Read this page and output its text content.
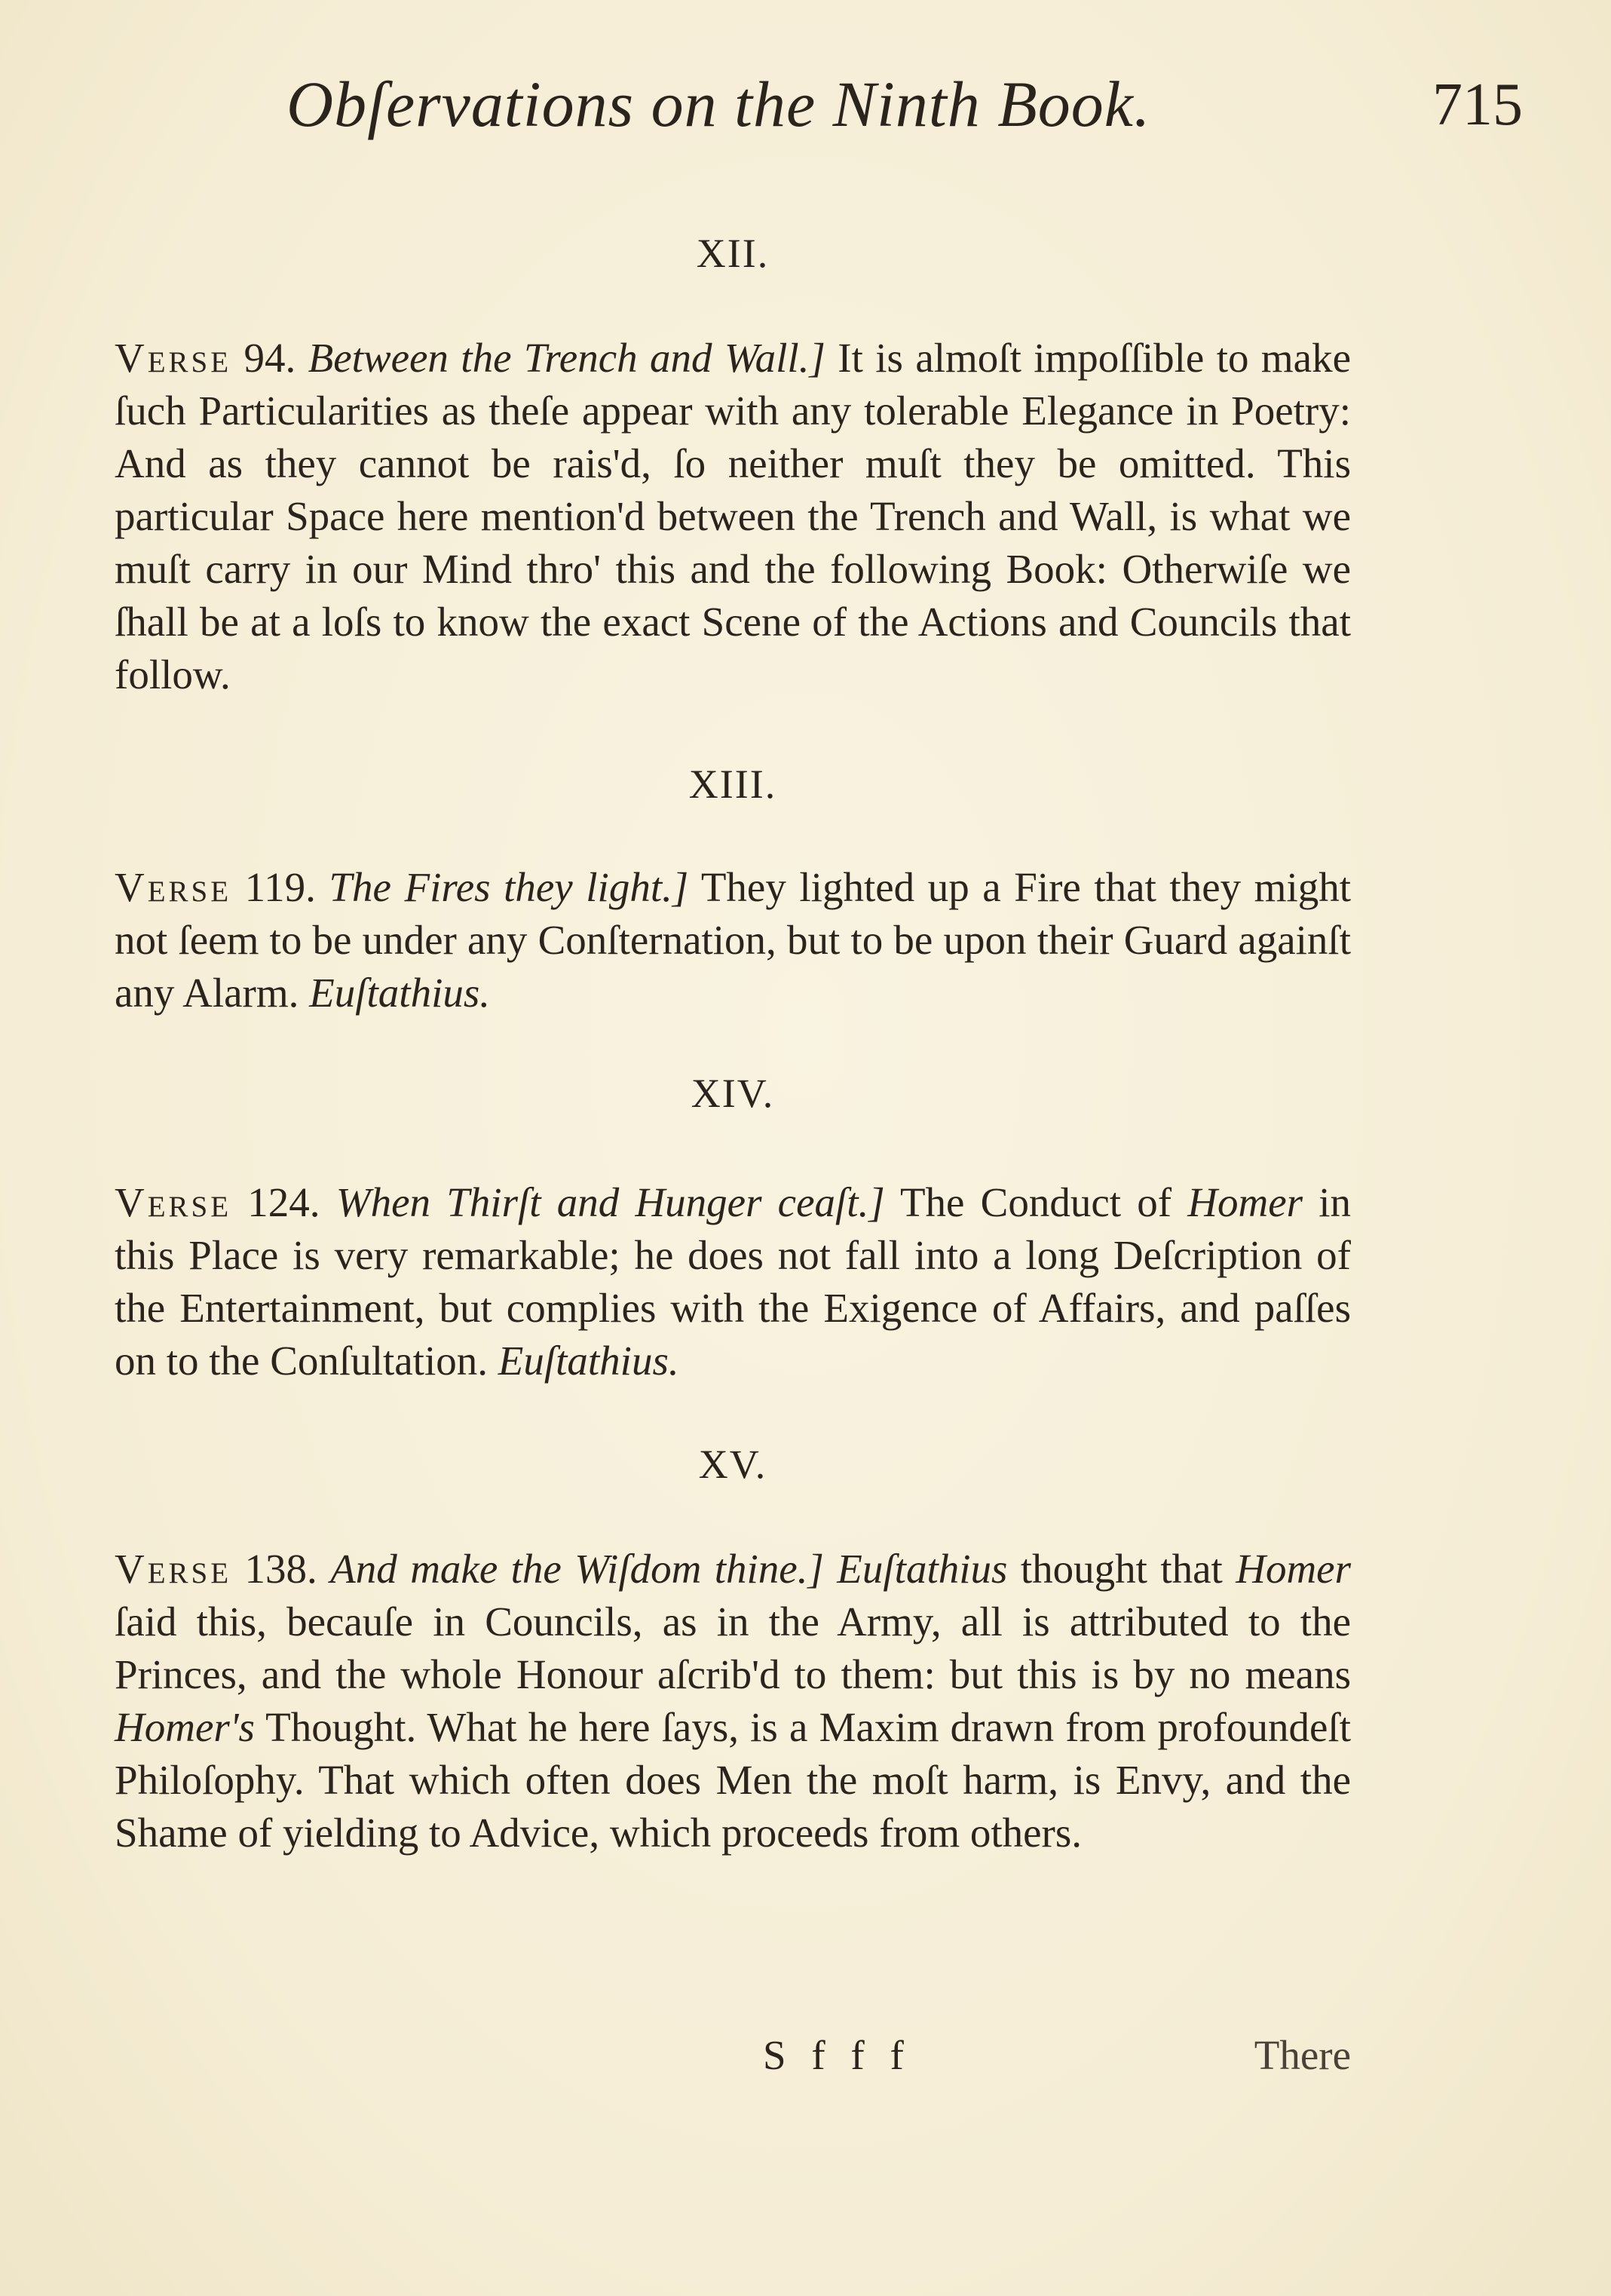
Obſervations on the Ninth Book.	715
XII.

Verse 94. Between the Trench and Wall.] It is almoſt impoſſible to make ſuch Particularities as theſe appear with any tolerable Elegance in Poetry: And as they cannot be rais'd, ſo neither muſt they be omitted. This particular Space here mention'd between the Trench and Wall, is what we muſt carry in our Mind thro' this and the following Book: Otherwiſe we ſhall be at a loſs to know the exact Scene of the Actions and Councils that follow.

XIII.

Verse 119. The Fires they light.] They lighted up a Fire that they might not ſeem to be under any Conſternation, but to be upon their Guard againſt any Alarm. Euſtathius.

XIV.

Verse 124. When Thirſt and Hunger ceaſt.] The Conduct of Homer in this Place is very remarkable; he does not fall into a long Deſcription of the Entertainment, but complies with the Exigence of Affairs, and paſſes on to the Conſultation. Euſtathius.

XV.

Verse 138. And make the Wiſdom thine.] Euſtathius thought that Homer ſaid this, becauſe in Councils, as in the Army, all is attributed to the Princes, and the whole Honour aſcrib'd to them: but this is by no means Homer's Thought. What he here ſays, is a Maxim drawn from profoundeſt Philoſophy. That which often does Men the moſt harm, is Envy, and the Shame of yielding to Advice, which proceeds from others.

S f f f	There
